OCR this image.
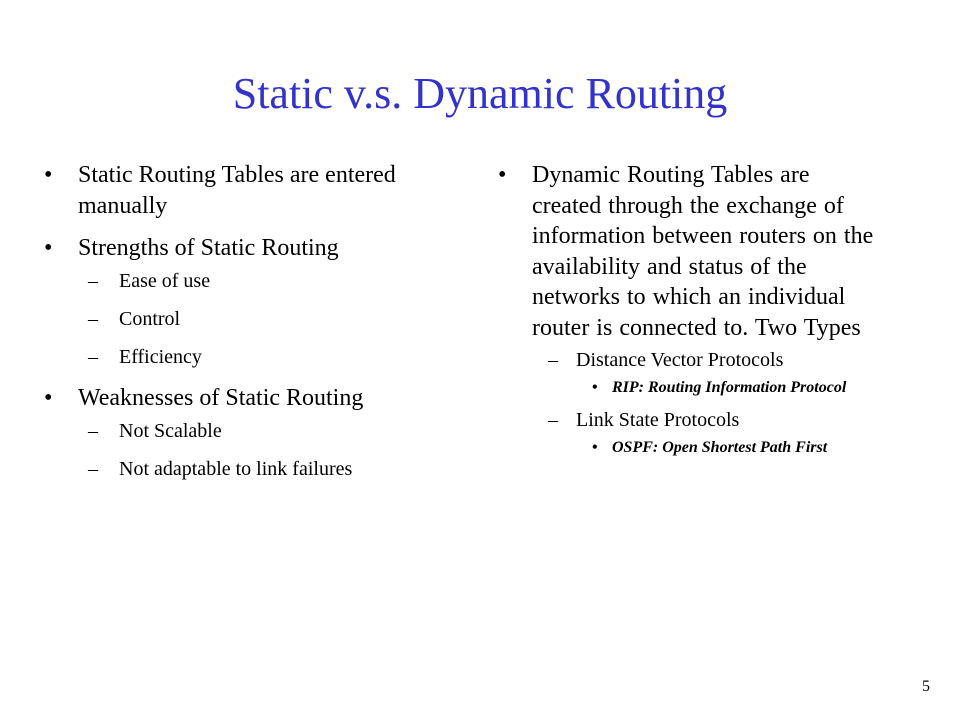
Static v.s. Dynamic Routing
• Static Routing Tables are entered manually
• Strengths of Static Routing
– Ease of use
– Control
– Efficiency
• Weaknesses of Static Routing
– Not Scalable
– Not adaptable to link failures
• Dynamic Routing Tables are created through the exchange of information between routers on the availability and status of the networks to which an individual router is connected to. Two Types
– Distance Vector Protocols
• RIP: Routing Information Protocol
– Link State Protocols
• OSPF: Open Shortest Path First
5
